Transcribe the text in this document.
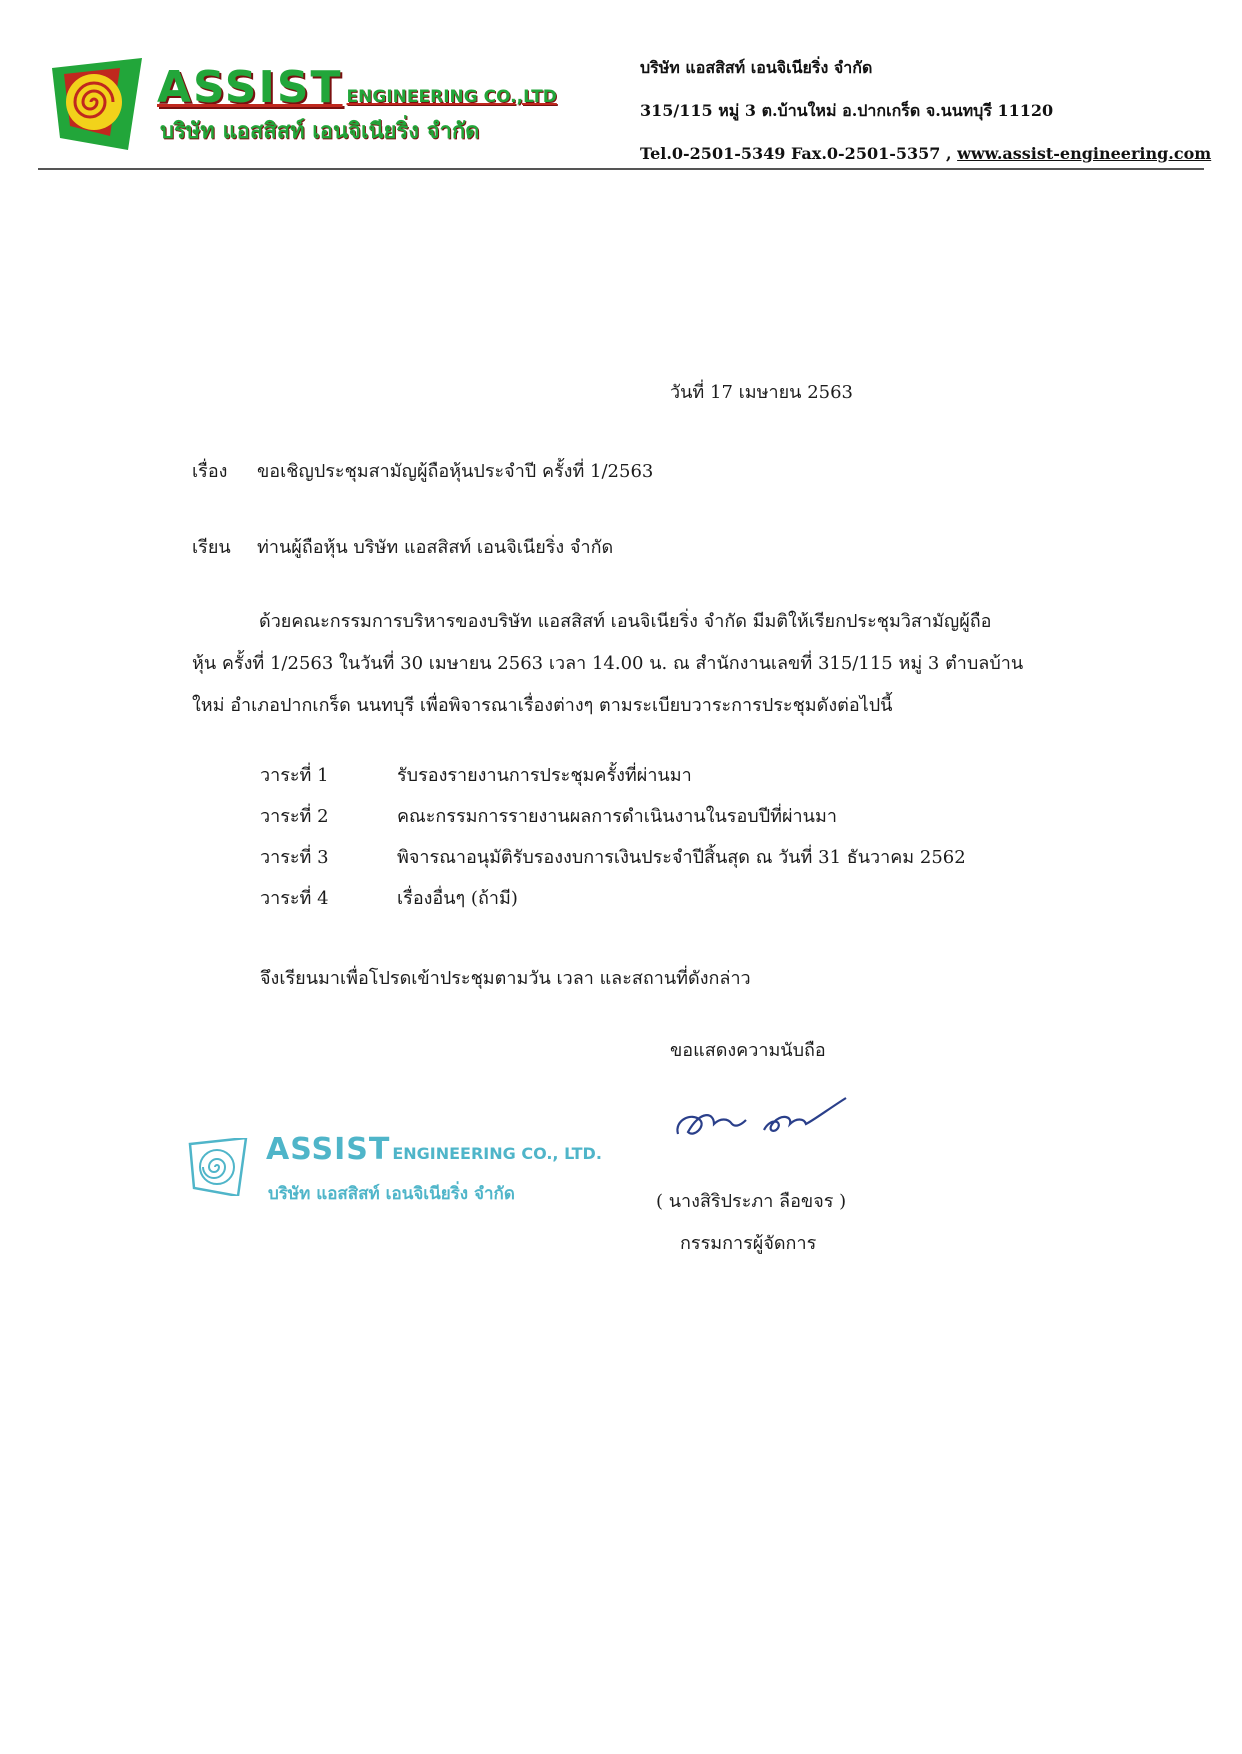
ASSIST ENGINEERING CO.,LTD
บริษัท แอสสิสท์ เอนจิเนียริ่ง จำกัด
บริษัท แอสสิสท์ เอนจิเนียริ่ง จำกัด
315/115 หมู่ 3 ต.บ้านใหม่ อ.ปากเกร็ด จ.นนทบุรี 11120
Tel.0-2501-5349 Fax.0-2501-5357 , www.assist-engineering.com
วันที่ 17 เมษายน 2563
เรื่อง ขอเชิญประชุมสามัญผู้ถือหุ้นประจำปี ครั้งที่ 1/2563
เรียน ท่านผู้ถือหุ้น บริษัท แอสสิสท์ เอนจิเนียริ่ง จำกัด
ด้วยคณะกรรมการบริหารของบริษัท แอสสิสท์ เอนจิเนียริ่ง จำกัด มีมติให้เรียกประชุมวิสามัญผู้ถือ
หุ้น ครั้งที่ 1/2563 ในวันที่ 30 เมษายน 2563 เวลา 14.00 น. ณ สำนักงานเลขที่ 315/115 หมู่ 3 ตำบลบ้าน
ใหม่ อำเภอปากเกร็ด นนทบุรี เพื่อพิจารณาเรื่องต่างๆ ตามระเบียบวาระการประชุมดังต่อไปนี้
วาระที่ 1	รับรองรายงานการประชุมครั้งที่ผ่านมา
วาระที่ 2	คณะกรรมการรายงานผลการดำเนินงานในรอบปีที่ผ่านมา
วาระที่ 3	พิจารณาอนุมัติรับรองงบการเงินประจำปีสิ้นสุด ณ วันที่ 31 ธันวาคม 2562
วาระที่ 4	เรื่องอื่นๆ (ถ้ามี)
จึงเรียนมาเพื่อโปรดเข้าประชุมตามวัน เวลา และสถานที่ดังกล่าว
ขอแสดงความนับถือ
( นางสิริประภา ลือขจร )
กรรมการผู้จัดการ
ASSIST ENGINEERING CO., LTD.
บริษัท แอสสิสท์ เอนจิเนียริ่ง จำกัด
